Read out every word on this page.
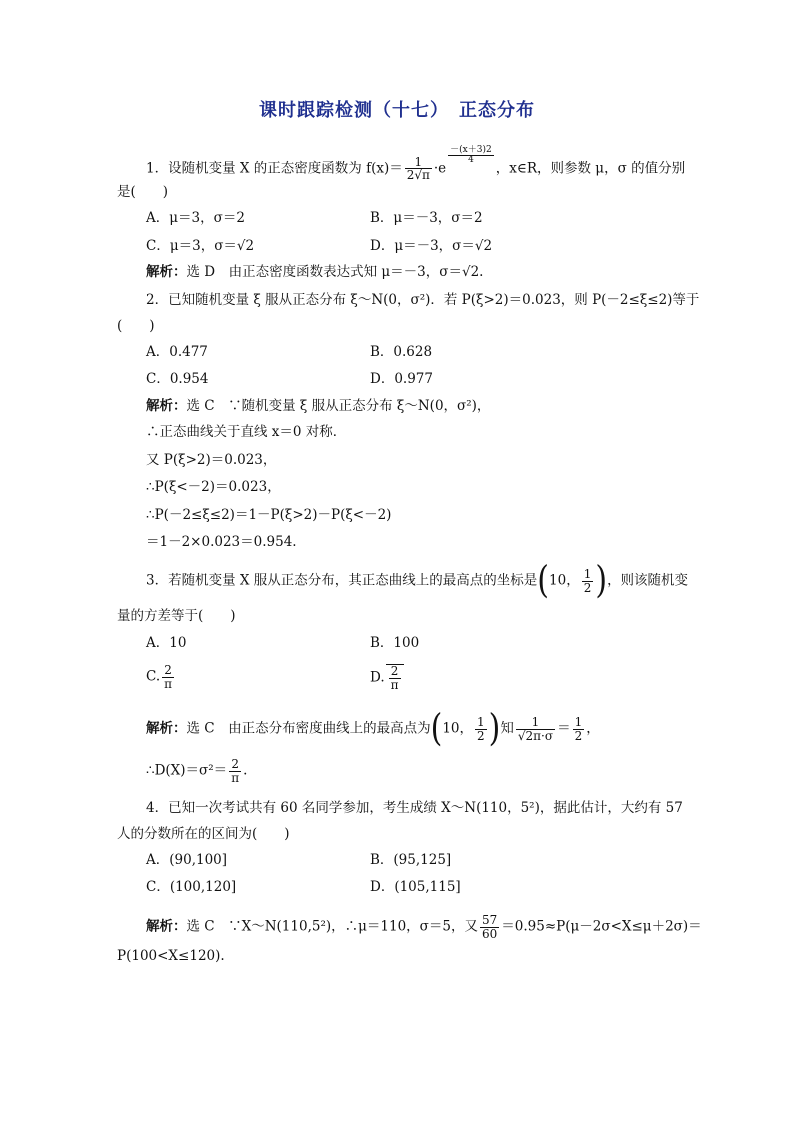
课时跟踪检测（十七）　正态分布
1．设随机变量 X 的正态密度函数为 $f(x)= \frac{1}{2√\pi} \cdot e$
$^{\frac{-(x+3)2}{4}}$
，x∈R，则参数 μ，σ 的值分别
是(　　)
A．μ＝3，σ＝2	B．μ＝－3，σ＝2
C．μ＝3，σ＝√2	D．μ＝－3，σ＝√2
解析：选 D　由正态密度函数表达式知 μ＝－3，σ＝√2.
2．已知随机变量 ξ 服从正态分布 ξ～N(0，σ²)．若 P(ξ>2)＝0.023，则 P(－2≤ξ≤2)等于
(　　)
A．0.477	B．0.628
C．0.954	D．0.977
解析：选 C　∵随机变量 ξ 服从正态分布 ξ～N(0，σ²)，
∴正态曲线关于直线 x＝0 对称．
又 P(ξ>2)＝0.023，
∴P(ξ<－2)＝0.023，
∴P(－2≤ξ≤2)＝1－P(ξ>2)－P(ξ<－2)
＝1－2×0.023＝0.954.
3．若随机变量 X 服从正态分布，其正态曲线上的最高点的坐标是(10， $\frac{1}{2}$ )，则该随机变
量的方差等于(　　)
A．10	B．100
C. $\frac{2}{\pi}$	D. $\frac{2}{\pi}$
解析：选 C　由正态分布密度曲线上的最高点为(10， $\frac{1}{2}$ )知 $\frac{1}{√2\pi\cdot\sigma} = \frac{1}{2}$ ，
∴D(X)＝σ²＝ $\frac{2}{\pi}$ .
4．已知一次考试共有 60 名同学参加，考生成绩 X～N(110，5²)，据此估计，大约有 57
人的分数所在的区间为(　　)
A．(90,100]	B．(95,125]
C．(100,120]	D．(105,115]
解析：选 C　∵X～N(110,5²)，∴μ＝110，σ＝5，又 $\frac{57}{60} =0.95\approx P(\mu-2\sigma<X\le\mu+2\sigma)=$
P(100<X≤120).
